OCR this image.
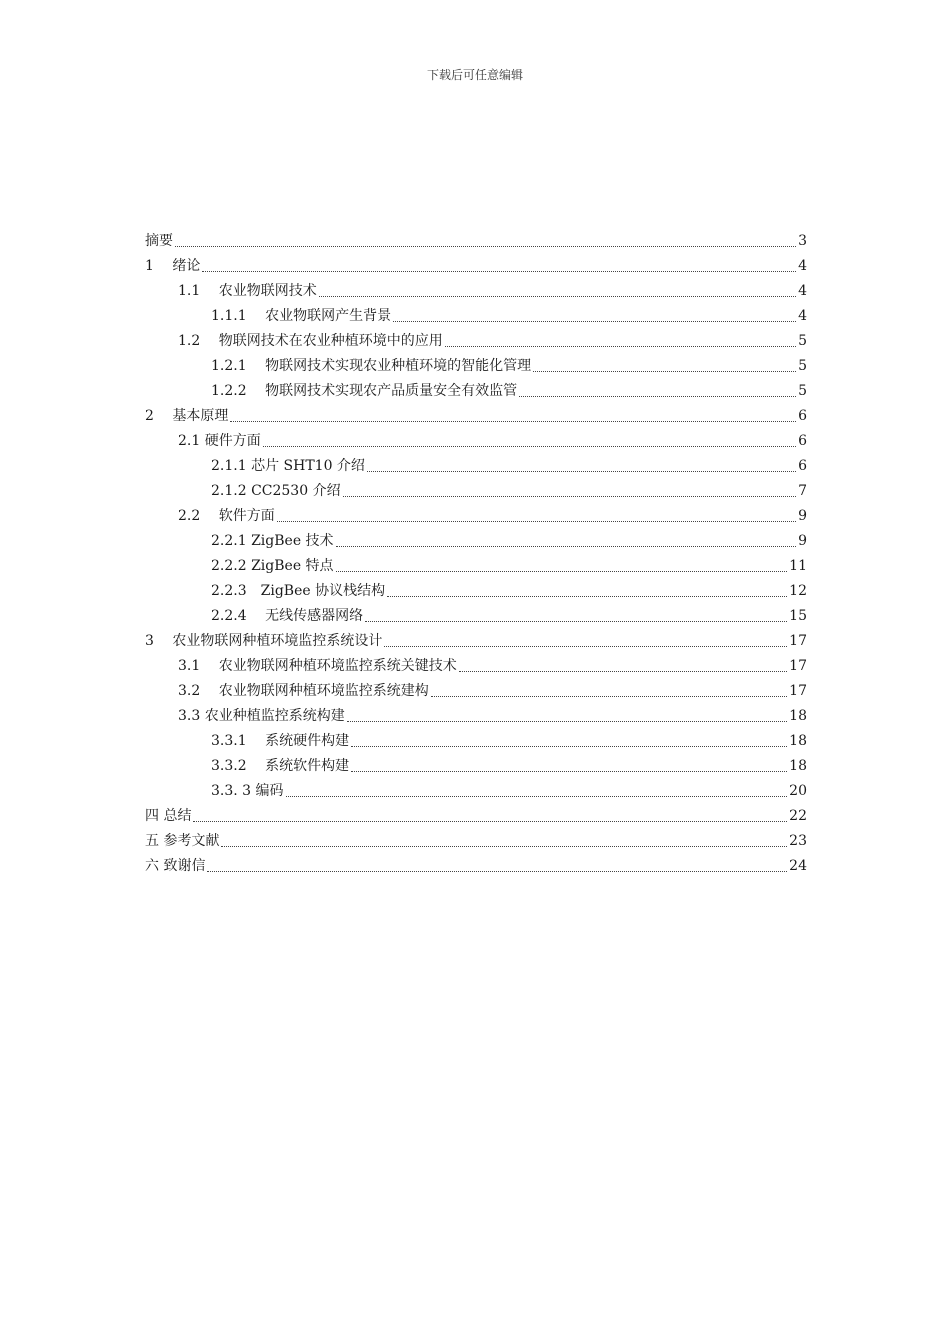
下载后可任意编辑
摘要	3
1　 绪论	4
1.1　 农业物联网技术	4
1.1.1　 农业物联网产生背景	4
1.2　 物联网技术在农业种植环境中的应用	5
1.2.1　 物联网技术实现农业种植环境的智能化管理	5
1.2.2　 物联网技术实现农产品质量安全有效监管	5
2　 基本原理	6
2.1 硬件方面	6
2.1.1 芯片 SHT10 介绍	6
2.1.2 CC2530 介绍	7
2.2　 软件方面	9
2.2.1 ZigBee 技术	9
2.2.2 ZigBee 特点	11
2.2.3　ZigBee 协议栈结构	12
2.2.4　 无线传感器网络	15
3　 农业物联网种植环境监控系统设计	17
3.1　 农业物联网种植环境监控系统关键技术	17
3.2　 农业物联网种植环境监控系统建构	17
3.3 农业种植监控系统构建	18
3.3.1　 系统硬件构建	18
3.3.2　 系统软件构建	18
3.3. 3 编码	20
四 总结	22
五 参考文献	23
六 致谢信	24
